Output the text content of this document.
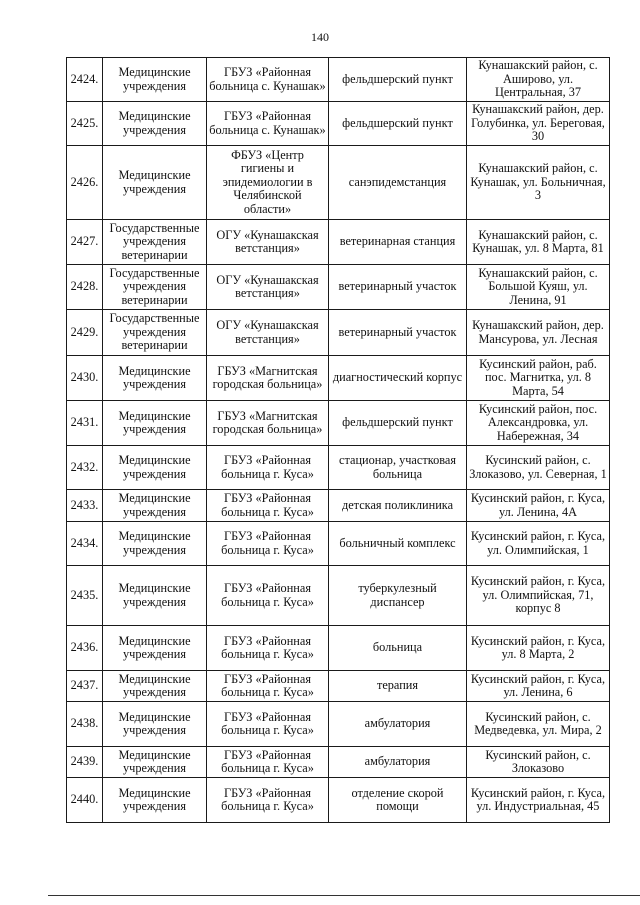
140
2424.	Медицинские учреждения	ГБУЗ «Районная больница с. Кунашак»	фельдшерский пункт	Кунашакский район, с. Аширово, ул. Центральная, 37
2425.	Медицинские учреждения	ГБУЗ «Районная больница с. Кунашак»	фельдшерский пункт	Кунашакский район, дер. Голубинка, ул. Береговая, 30
2426.	Медицинские учреждения	ФБУЗ «Центр гигиены и эпидемиологии в Челябинской области»	санэпидемстанция	Кунашакский район, с. Кунашак, ул. Больничная, 3
2427.	Государственные учреждения ветеринарии	ОГУ «Кунашакская ветстанция»	ветеринарная станция	Кунашакский район, с. Кунашак, ул. 8 Марта, 81
2428.	Государственные учреждения ветеринарии	ОГУ «Кунашакская ветстанция»	ветеринарный участок	Кунашакский район, с. Большой Куяш, ул. Ленина, 91
2429.	Государственные учреждения ветеринарии	ОГУ «Кунашакская ветстанция»	ветеринарный участок	Кунашакский район, дер. Мансурова, ул. Лесная
2430.	Медицинские учреждения	ГБУЗ «Магнитская городская больница»	диагностический корпус	Кусинский район, раб. пос. Магнитка, ул. 8 Марта, 54
2431.	Медицинские учреждения	ГБУЗ «Магнитская городская больница»	фельдшерский пункт	Кусинский район, пос. Александровка, ул. Набережная, 34
2432.	Медицинские учреждения	ГБУЗ «Районная больница г. Куса»	стационар, участковая больница	Кусинский район, с. Злоказово, ул. Северная, 1
2433.	Медицинские учреждения	ГБУЗ «Районная больница г. Куса»	детская поликлиника	Кусинский район, г. Куса, ул. Ленина, 4А
2434.	Медицинские учреждения	ГБУЗ «Районная больница г. Куса»	больничный комплекс	Кусинский район, г. Куса, ул. Олимпийская, 1
2435.	Медицинские учреждения	ГБУЗ «Районная больница г. Куса»	туберкулезный диспансер	Кусинский район, г. Куса, ул. Олимпийская, 71, корпус 8
2436.	Медицинские учреждения	ГБУЗ «Районная больница г. Куса»	больница	Кусинский район, г. Куса, ул. 8 Марта, 2
2437.	Медицинские учреждения	ГБУЗ «Районная больница г. Куса»	терапия	Кусинский район, г. Куса, ул. Ленина, 6
2438.	Медицинские учреждения	ГБУЗ «Районная больница г. Куса»	амбулатория	Кусинский район, с. Медведевка, ул. Мира, 2
2439.	Медицинские учреждения	ГБУЗ «Районная больница г. Куса»	амбулатория	Кусинский район, с. Злоказово
2440.	Медицинские учреждения	ГБУЗ «Районная больница г. Куса»	отделение скорой помощи	Кусинский район, г. Куса, ул. Индустриальная, 45
